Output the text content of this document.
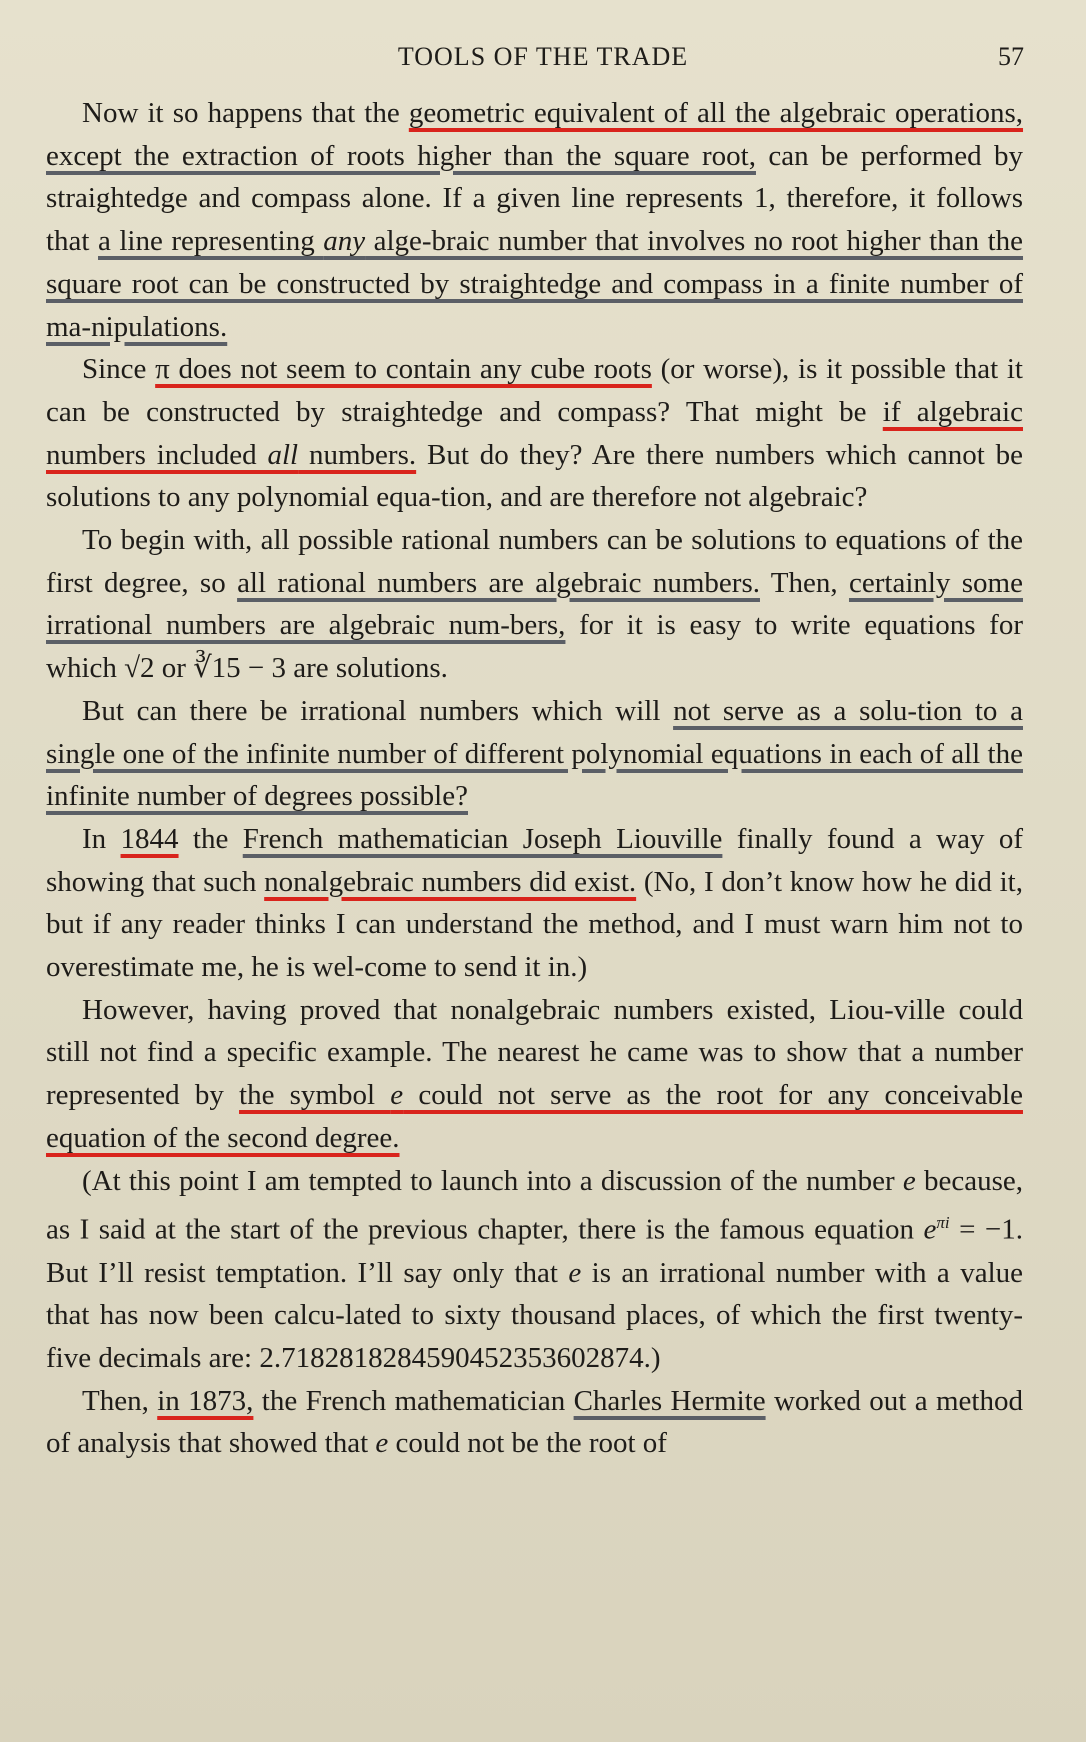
TOOLS OF THE TRADE	57

Now it so happens that the geometric equivalent of all the algebraic operations, except the extraction of roots higher than the square root, can be performed by straightedge and compass alone. If a given line represents 1, therefore, it follows that a line representing any alge-braic number that involves no root higher than the square root can be constructed by straightedge and compass in a finite number of ma-nipulations.

Since π does not seem to contain any cube roots (or worse), is it possible that it can be constructed by straightedge and compass? That might be if algebraic numbers included all numbers. But do they? Are there numbers which cannot be solutions to any polynomial equa-tion, and are therefore not algebraic?

To begin with, all possible rational numbers can be solutions to equations of the first degree, so all rational numbers are algebraic numbers. Then, certainly some irrational numbers are algebraic num-bers, for it is easy to write equations for which √2 or ∛15 − 3 are solutions.

But can there be irrational numbers which will not serve as a solu-tion to a single one of the infinite number of different polynomial equations in each of all the infinite number of degrees possible?

In 1844 the French mathematician Joseph Liouville finally found a way of showing that such nonalgebraic numbers did exist. (No, I don’t know how he did it, but if any reader thinks I can understand the method, and I must warn him not to overestimate me, he is wel-come to send it in.)

However, having proved that nonalgebraic numbers existed, Liou-ville could still not find a specific example. The nearest he came was to show that a number represented by the symbol e could not serve as the root for any conceivable equation of the second degree.

(At this point I am tempted to launch into a discussion of the number e because, as I said at the start of the previous chapter, there is the famous equation $e^{\pi i} = -1$. But I’ll resist temptation. I’ll say only that e is an irrational number with a value that has now been calcu-lated to sixty thousand places, of which the first twenty-five decimals are: 2.7182818284590452353602874.)

Then, in 1873, the French mathematician Charles Hermite worked out a method of analysis that showed that e could not be the root of
